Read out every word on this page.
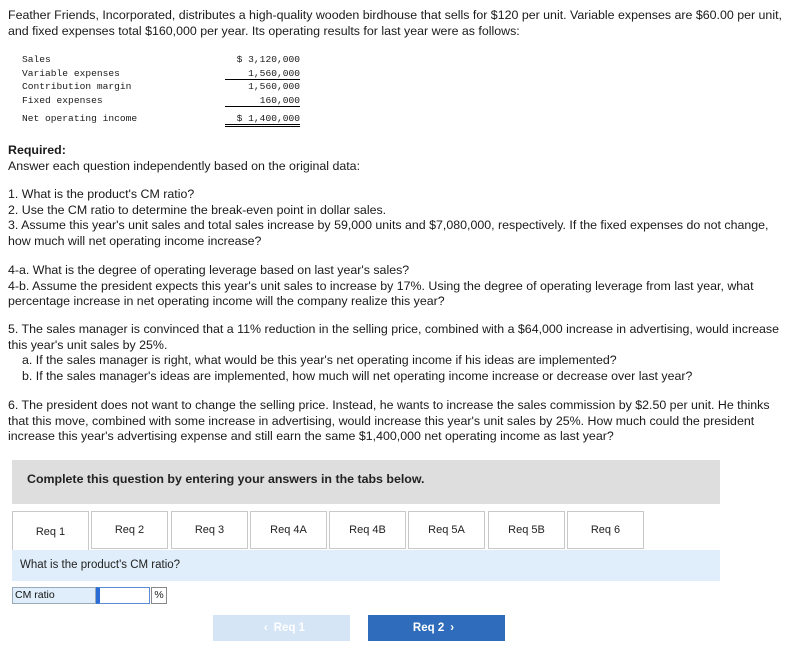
Feather Friends, Incorporated, distributes a high-quality wooden birdhouse that sells for $120 per unit. Variable expenses are $60.00 per unit, and fixed expenses total $160,000 per year. Its operating results for last year were as follows:
Sales	$ 3,120,000
Variable expenses	1,560,000
Contribution margin	1,560,000
Fixed expenses	160,000
Net operating income	$ 1,400,000

Required:

Answer each question independently based on the original data:

1. What is the product's CM ratio?

2. Use the CM ratio to determine the break-even point in dollar sales.

3. Assume this year's unit sales and total sales increase by 59,000 units and $7,080,000, respectively. If the fixed expenses do not change, how much will net operating income increase?

4-a. What is the degree of operating leverage based on last year's sales?

4-b. Assume the president expects this year's unit sales to increase by 17%. Using the degree of operating leverage from last year, what percentage increase in net operating income will the company realize this year?

5. The sales manager is convinced that a 11% reduction in the selling price, combined with a $64,000 increase in advertising, would increase this year's unit sales by 25%.

a. If the sales manager is right, what would be this year's net operating income if his ideas are implemented?

b. If the sales manager's ideas are implemented, how much will net operating income increase or decrease over last year?

6. The president does not want to change the selling price. Instead, he wants to increase the sales commission by $2.50 per unit. He thinks that this move, combined with some increase in advertising, would increase this year's unit sales by 25%. How much could the president increase this year's advertising expense and still earn the same $1,400,000 net operating income as last year?

Complete this question by entering your answers in the tabs below.
Req 1	Req 2	Req 3	Req 4A	Req 4B	Req 5A	Req 5B	Req 6
What is the product's CM ratio?
CM ratio	%
‹ Req 1	Req 2 ›
